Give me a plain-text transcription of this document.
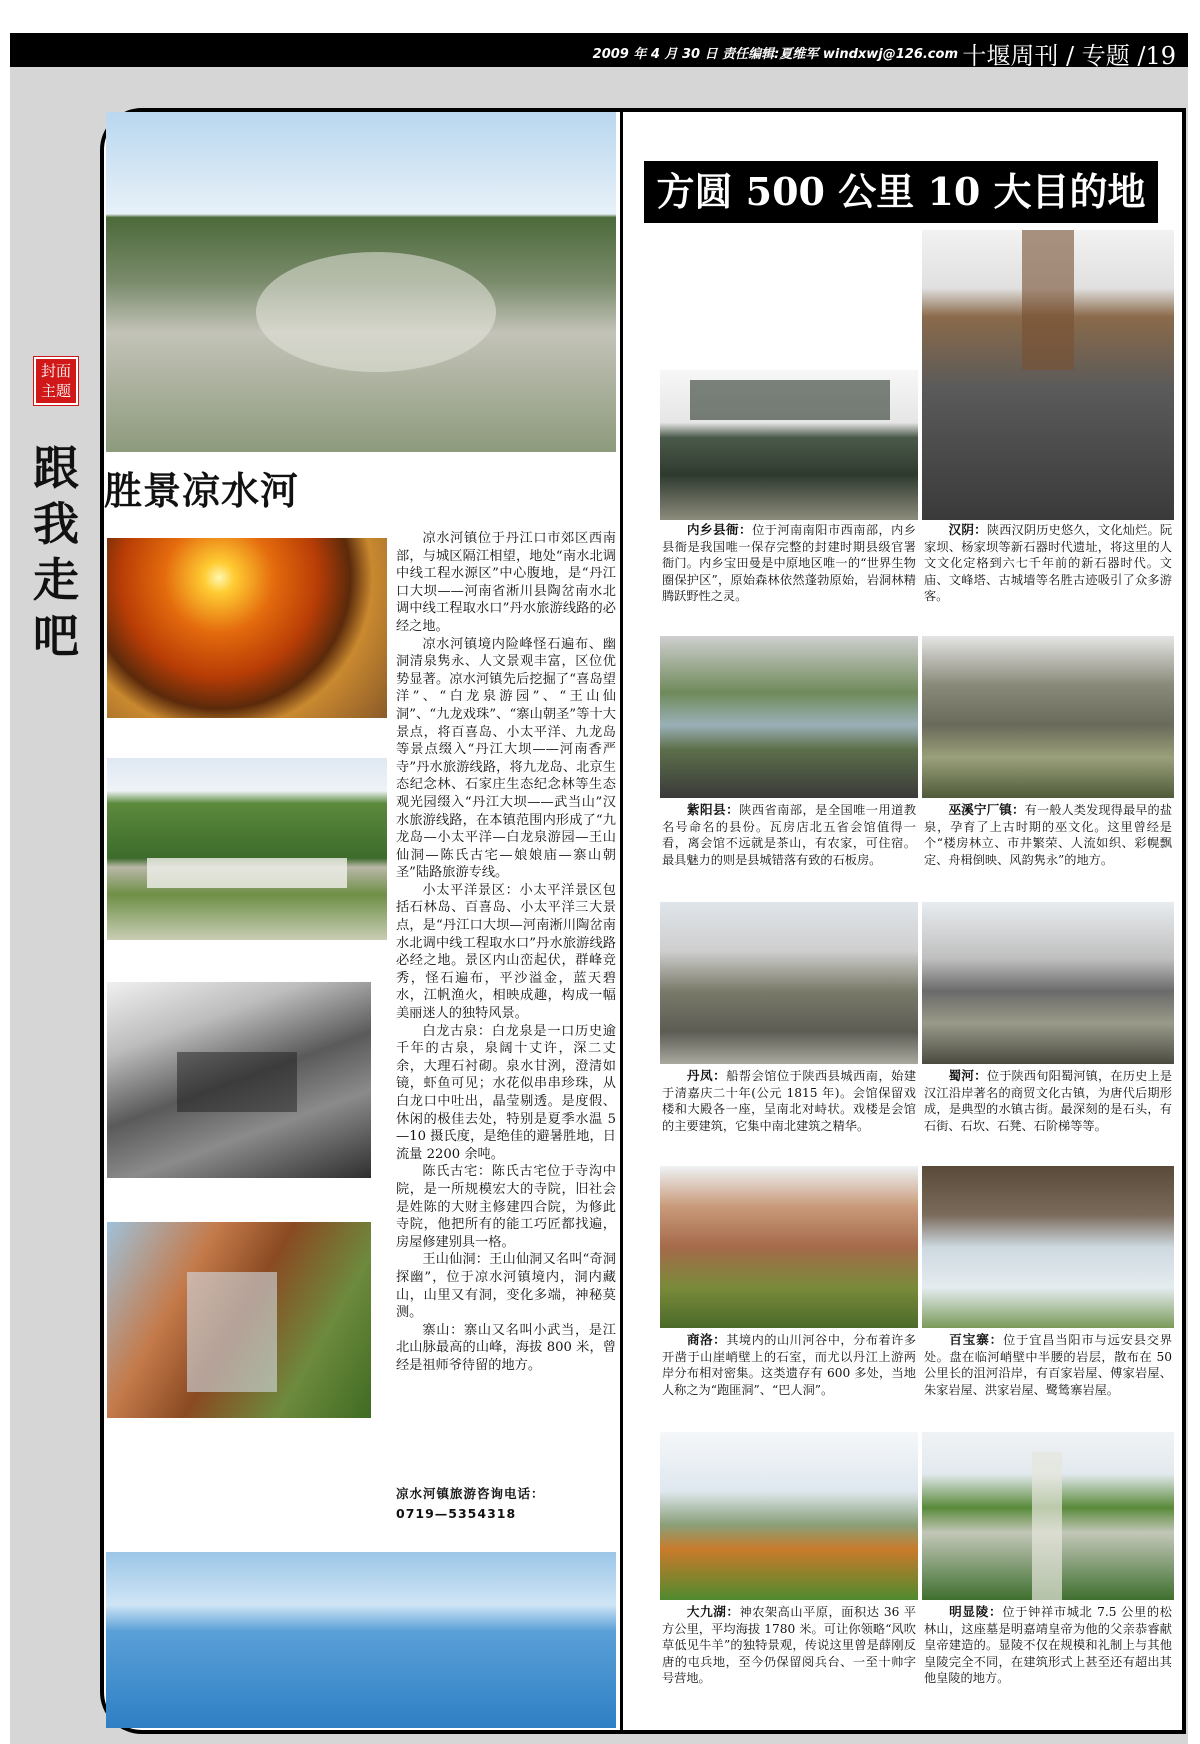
2009 年 4 月 30 日 责任编辑:夏维军 windxwj@126.com 十堰周刊 / 专题 /19
封面
主题
跟我走吧
胜景凉水河

凉水河镇位于丹江口市郊区西南部，与城区隔江相望，地处“南水北调中线工程水源区”中心腹地，是“丹江口大坝——河南省淅川县陶岔南水北调中线工程取水口”丹水旅游线路的必经之地。

凉水河镇境内险峰怪石遍布、幽洞清泉隽永、人文景观丰富，区位优势显著。凉水河镇先后挖掘了“喜岛望洋”、“白龙泉游园”、“王山仙洞”、“九龙戏珠”、“寨山朝圣”等十大景点，将百喜岛、小太平洋、九龙岛等景点缀入“丹江大坝——河南香严寺”丹水旅游线路，将九龙岛、北京生态纪念林、石家庄生态纪念林等生态观光园缀入“丹江大坝——武当山”汉水旅游线路，在本镇范围内形成了“九龙岛—小太平洋—白龙泉游园—王山仙洞—陈氏古宅—娘娘庙—寨山朝圣”陆路旅游专线。

小太平洋景区：小太平洋景区包括石林岛、百喜岛、小太平洋三大景点，是“丹江口大坝—河南淅川陶岔南水北调中线工程取水口”丹水旅游线路必经之地。景区内山峦起伏，群峰竞秀，怪石遍布，平沙溢金，蓝天碧水，江帆渔火，相映成趣，构成一幅美丽迷人的独特风景。

白龙古泉：白龙泉是一口历史逾千年的古泉，泉阔十丈许，深二丈余，大理石衬砌。泉水甘洌，澄清如镜，虾鱼可见；水花似串串珍珠，从白龙口中吐出，晶莹剔透。是度假、休闲的极佳去处，特别是夏季水温 5—10 摄氏度，是绝佳的避暑胜地，日流量 2200 余吨。

陈氏古宅：陈氏古宅位于寺沟中院，是一所规模宏大的寺院，旧社会是姓陈的大财主修建四合院，为修此寺院，他把所有的能工巧匠都找遍，房屋修建别具一格。

王山仙洞：王山仙洞又名叫“奇洞探幽”，位于凉水河镇境内，洞内藏山，山里又有洞，变化多端，神秘莫测。

寨山：寨山又名叫小武当，是江北山脉最高的山峰，海拔 800 米，曾经是祖师爷待留的地方。

凉水河镇旅游咨询电话：
0719—5354318
方圆 500 公里 10 大目的地
内乡县衙：位于河南南阳市西南部，内乡县衙是我国唯一保存完整的封建时期县级官署衙门。内乡宝田曼是中原地区唯一的“世界生物圈保护区”，原始森林依然蓬勃原始，岩洞林精腾跃野性之灵。
汉阴：陕西汉阴历史悠久，文化灿烂。阮家坝、杨家坝等新石器时代遗址，将这里的人文文化定格到六七千年前的新石器时代。文庙、文峰塔、古城墙等名胜古迹吸引了众多游客。
紫阳县：陕西省南部，是全国唯一用道教名号命名的县份。瓦房店北五省会馆值得一看，离会馆不远就是茶山，有农家，可住宿。最具魅力的则是县城错落有致的石板房。
巫溪宁厂镇：有一般人类发现得最早的盐泉，孕育了上古时期的巫文化。这里曾经是个“楼房林立、市井繁荣、人流如织、彩幌飘定、舟楫倒映、风韵隽永”的地方。
丹凤：船帮会馆位于陕西县城西南，始建于清嘉庆二十年(公元 1815 年)。会馆保留戏楼和大殿各一座，呈南北对峙状。戏楼是会馆的主要建筑，它集中南北建筑之精华。
蜀河：位于陕西旬阳蜀河镇，在历史上是汉江沿岸著名的商贸文化古镇，为唐代后期形成，是典型的水镇古街。最深刻的是石头，有石街、石坎、石凳、石阶梯等等。
商洛：其境内的山川河谷中，分布着许多开凿于山崖峭壁上的石室，而尤以丹江上游两岸分布相对密集。这类遗存有 600 多处，当地人称之为“跑匪洞”、“巴人洞”。
百宝寨：位于宜昌当阳市与远安县交界处。盘在临河峭壁中半腰的岩层，散布在 50 公里长的沮河沿岸，有百家岩屋、傅家岩屋、朱家岩屋、洪家岩屋、鹭鸶寨岩屋。
大九湖：神农架高山平原，面积达 36 平方公里，平均海拔 1780 米。可让你领略“风吹草低见牛羊”的独特景观，传说这里曾是薛刚反唐的屯兵地，至今仍保留阅兵台、一至十帅字号营地。
明显陵：位于钟祥市城北 7.5 公里的松林山，这座墓是明嘉靖皇帝为他的父亲恭睿献皇帝建造的。显陵不仅在规模和礼制上与其他皇陵完全不同，在建筑形式上甚至还有超出其他皇陵的地方。
